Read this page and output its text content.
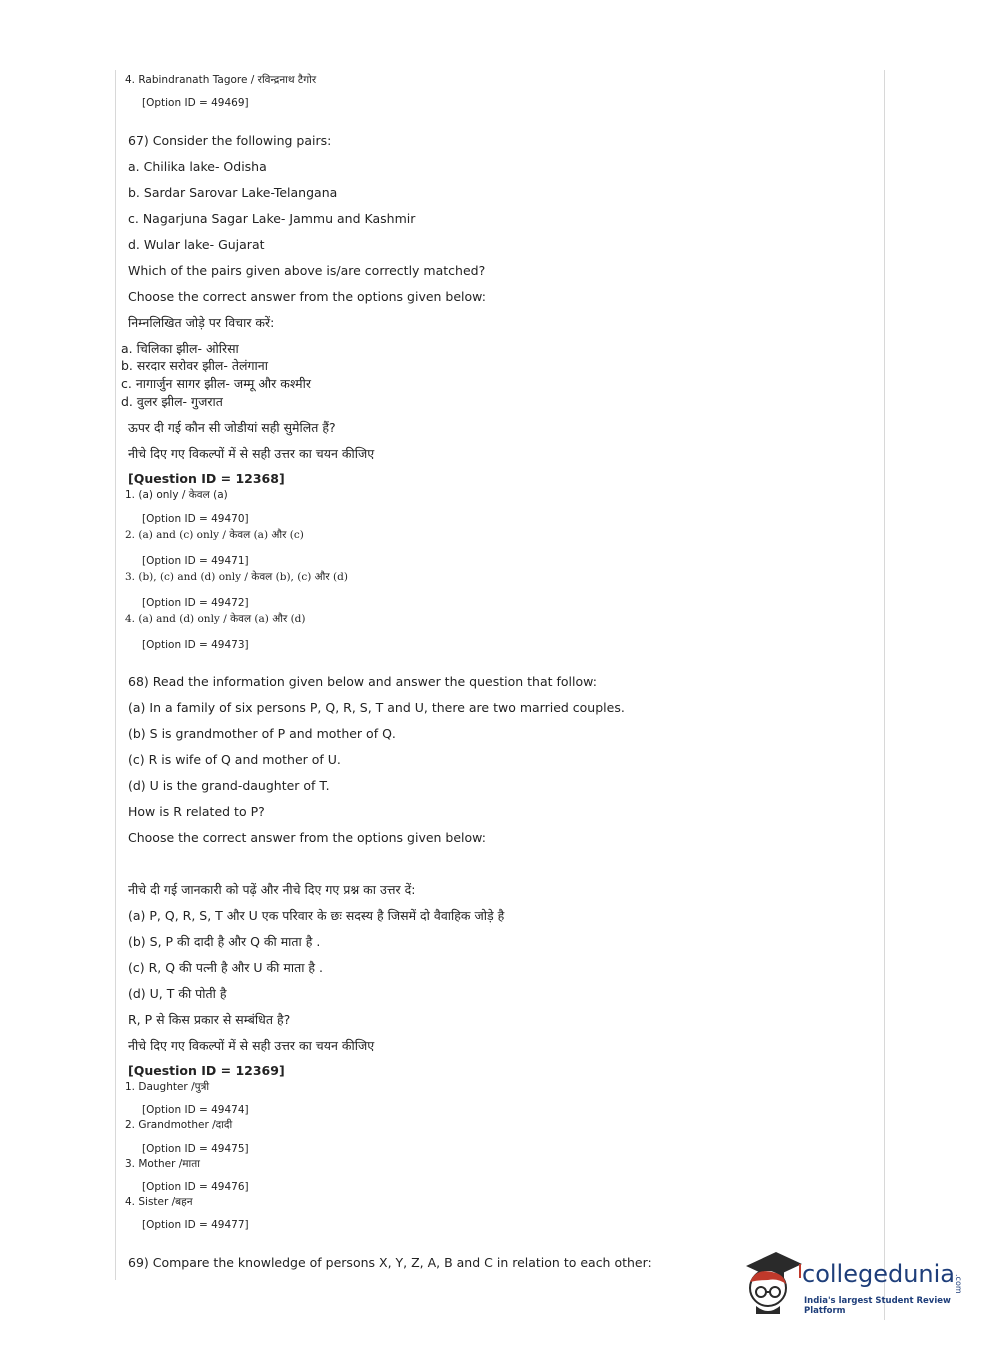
4. Rabindranath Tagore / रविन्द्रनाथ टैगोर
[Option ID = 49469]
67) Consider the following pairs:
a. Chilika lake- Odisha
b. Sardar Sarovar Lake-Telangana
c. Nagarjuna Sagar Lake- Jammu and Kashmir
d. Wular lake- Gujarat
Which of the pairs given above is/are correctly matched?
Choose the correct answer from the options given below:
निम्नलिखित जोड़े पर विचार करें:
a. चिलिका झील- ओरिसा
b. सरदार सरोवर झील- तेलंगाना
c. नागार्जुन सागर झील- जम्मू और कश्मीर
d. वुलर झील- गुजरात
ऊपर दी गई कौन सी जोडीयां सही सुमेलित हैं?
नीचे दिए गए विकल्पों में से सही उत्तर का चयन कीजिए
[Question ID = 12368]
1. (a) only / केवल (a)
[Option ID = 49470]
2. (a) and (c) only / केवल (a) और (c)
[Option ID = 49471]
3. (b), (c) and (d) only / केवल (b), (c) और (d)
[Option ID = 49472]
4. (a) and (d) only / केवल (a) और (d)
[Option ID = 49473]
68) Read the information given below and answer the question that follow:
(a) In a family of six persons P, Q, R, S, T and U, there are two married couples.
(b) S is grandmother of P and mother of Q.
(c) R is wife of Q and mother of U.
(d) U is the grand-daughter of T.
How is R related to P?
Choose the correct answer from the options given below:
नीचे दी गई जानकारी को पढ़ें और नीचे दिए गए प्रश्न का उत्तर दें:
(a) P, Q, R, S, T और U एक परिवार के छः सदस्य है जिसमें दो वैवाहिक जोड़े है
(b) S, P की दादी है और Q की माता है .
(c) R, Q की पत्नी है और U की माता है .
(d) U, T की पोती है
R, P से किस प्रकार से सम्बंधित है?
नीचे दिए गए विकल्पों में से सही उत्तर का चयन कीजिए
[Question ID = 12369]
1. Daughter /पुत्री
[Option ID = 49474]
2. Grandmother /दादी
[Option ID = 49475]
3. Mother /माता
[Option ID = 49476]
4. Sister /बहन
[Option ID = 49477]
69) Compare the knowledge of persons X, Y, Z, A, B and C in relation to each other:	collegedunia
.com
India's largest Student Review Platform
